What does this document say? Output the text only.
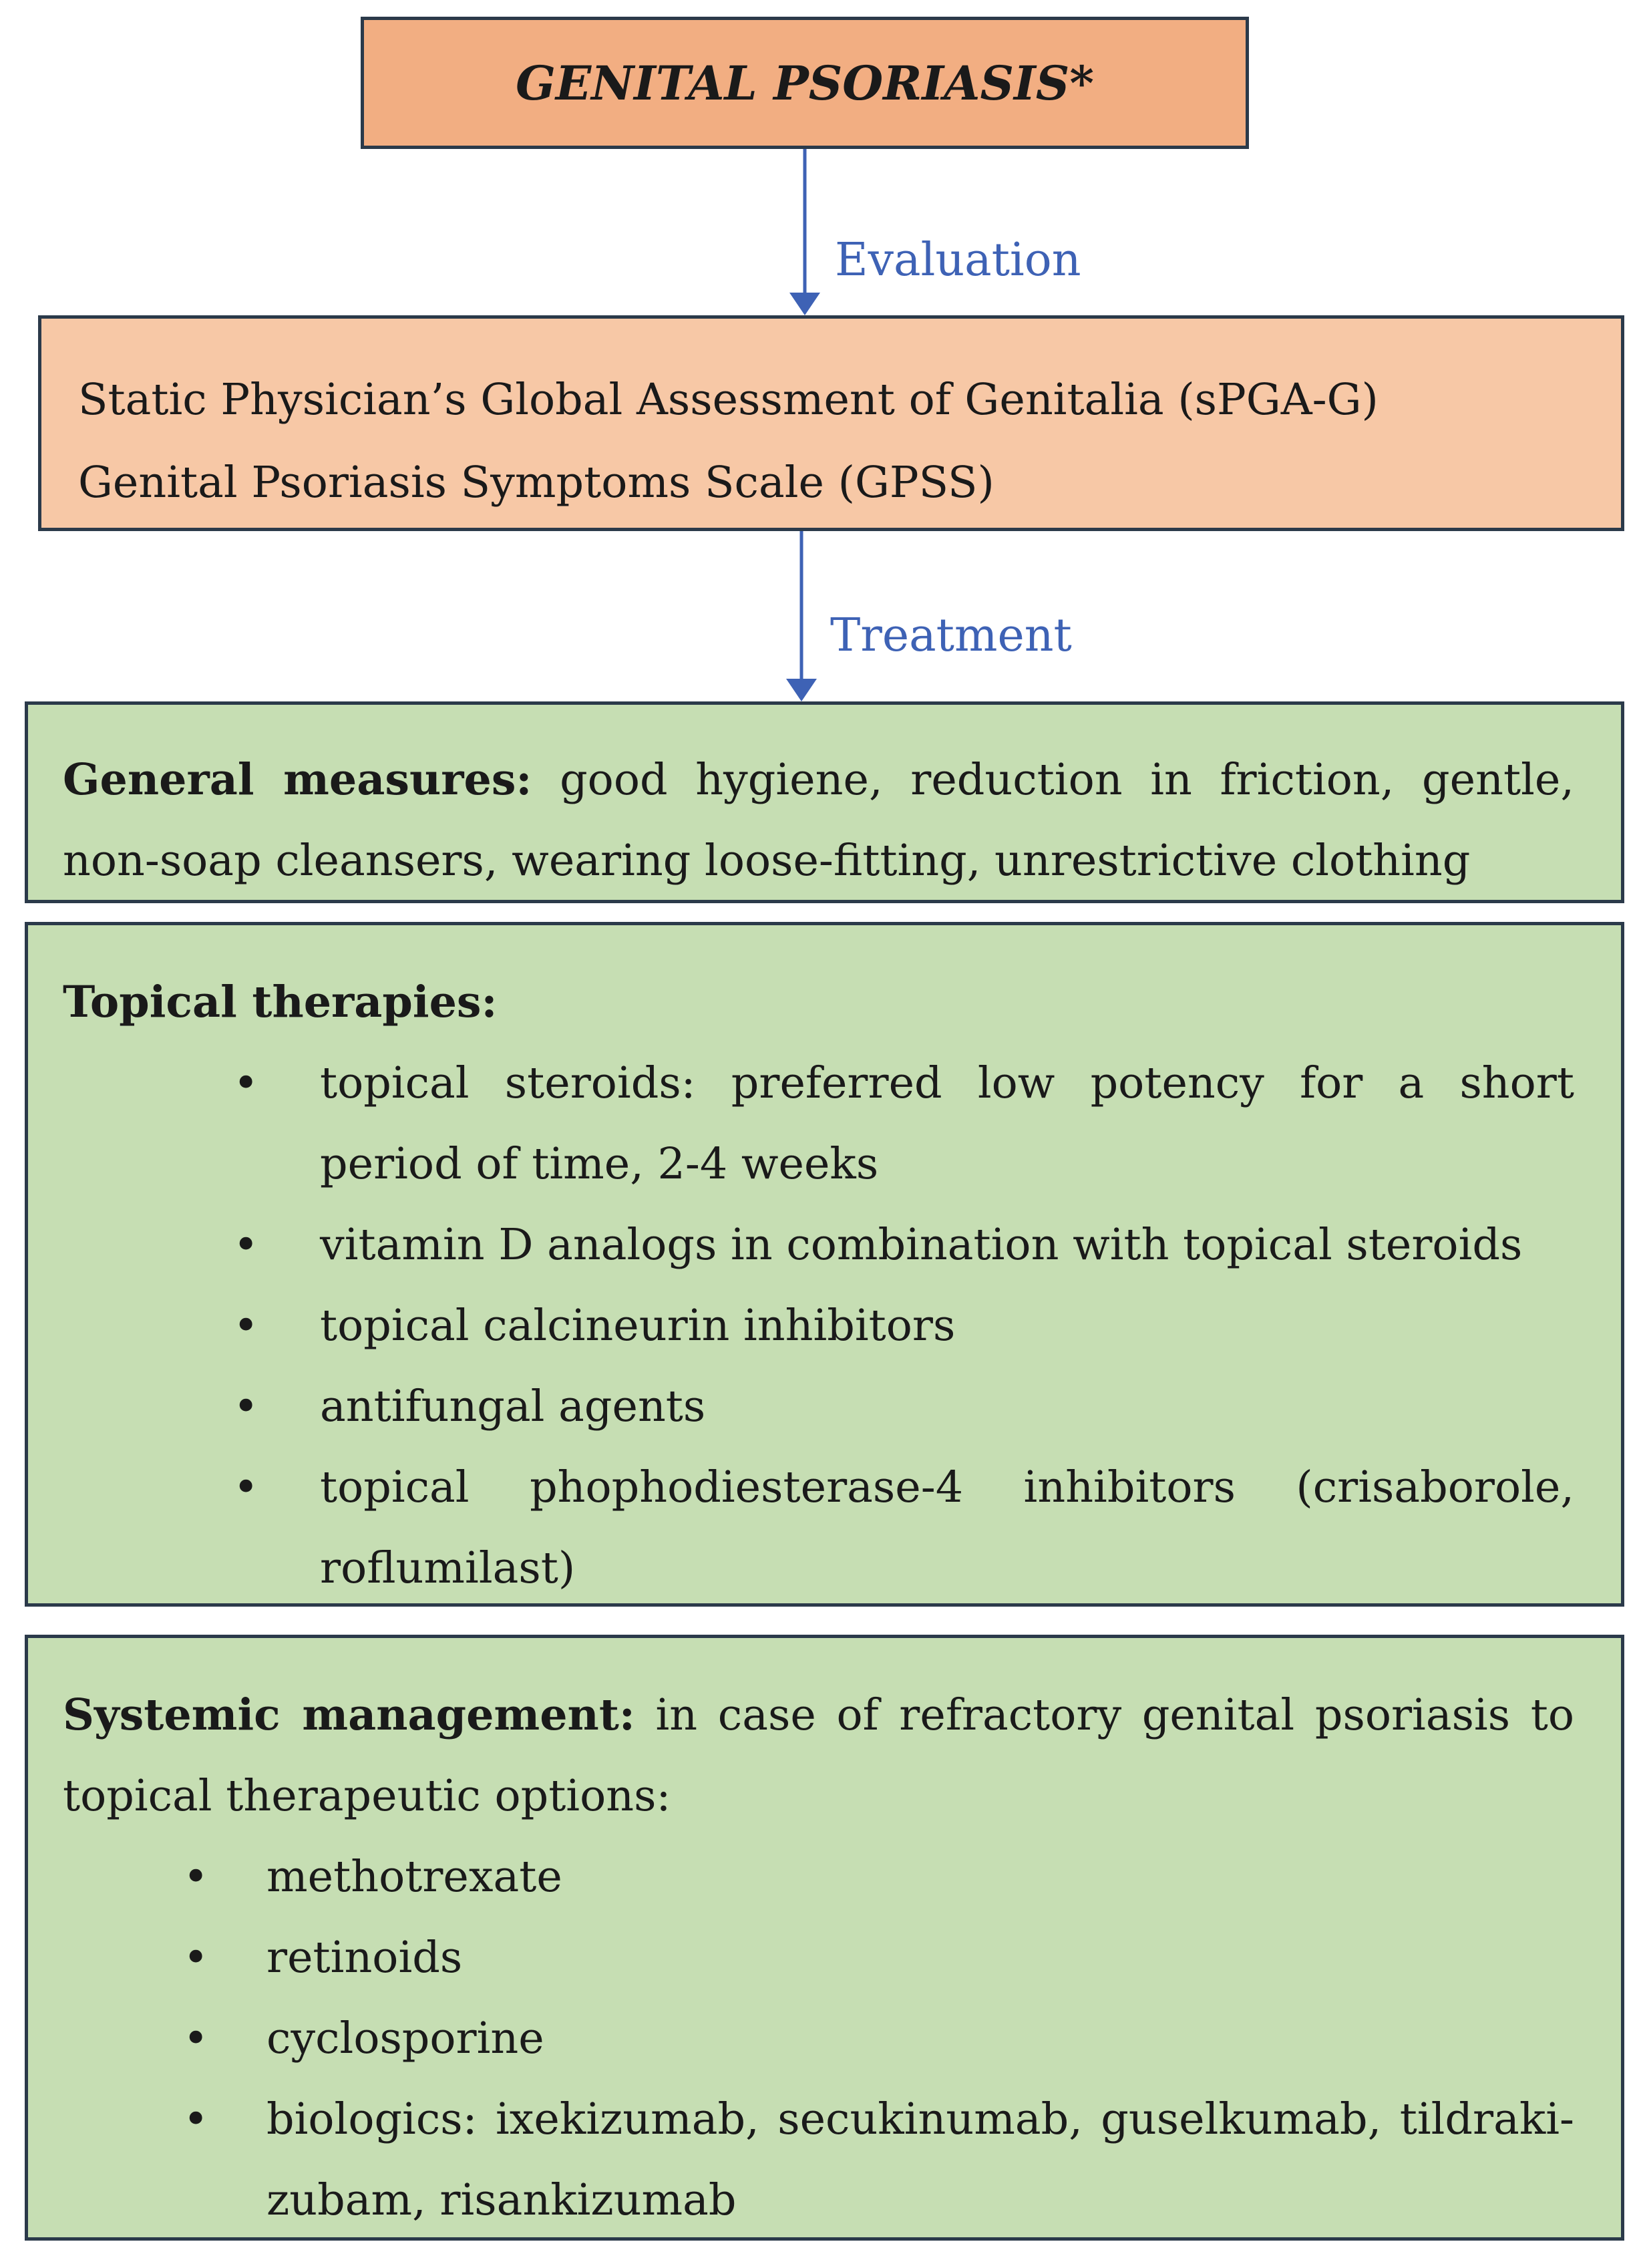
GENITAL PSORIASIS*
Evaluation
Static Physician’s Global Assessment of Genitalia (sPGA-G)
Genital Psoriasis Symptoms Scale (GPSS)
Treatment
General measures: good hygiene, reduction in friction, gentle, non-soap cleansers, wearing loose-fitting, unrestrictive clothing
Topical therapies:
• topical steroids: preferred low potency for a short period of time, 2-4 weeks
• vitamin D analogs in combination with topical steroids
• topical calcineurin inhibitors
• antifungal agents
• topical phophodiesterase-4 inhibitors (crisaborole, roflumilast)
Systemic management: in case of refractory genital psoriasis to topical therapeutic options:
• methotrexate
• retinoids
• cyclosporine
• biologics: ixekizumab, secukinumab, guselkumab, tildraki-zubam, risankizumab
